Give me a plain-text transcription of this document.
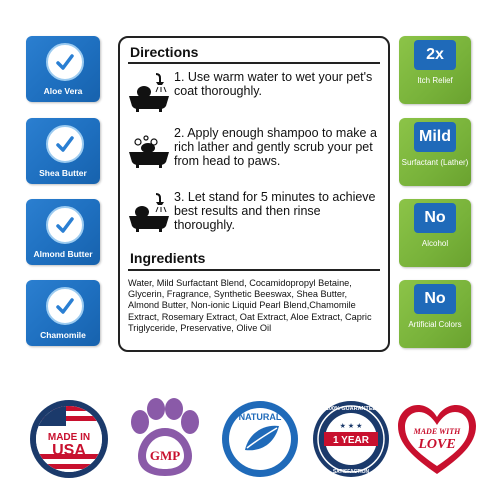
Aloe Vera
Shea Butter
Almond Butter
Chamomile
Directions
1. Use warm water to wet your pet's coat thoroughly.
2. Apply enough shampoo to make a rich lather and gently scrub your pet from head to paws.
3. Let stand for 5 minutes to achieve best results and then rinse thoroughly.
Ingredients
Water, Mild Surfactant Blend, Cocamidopropyl Betaine, Glycerin, Fragrance, Synthetic Beeswax, Shea Butter, Almond Butter, Non-ionic Liquid Pearl Blend,Chamomile Extract, Rosemary Extract, Oat Extract, Aloe Extract, Capric Triglyceride, Preservative, Olive Oil
2x
Itch Relief
Mild
Surfactant (Lather)
No
Alcohol
No
Artificial Colors
MADE IN
USA	GMP
NATURAL
1 YEAR
100% GUARANTEE
SATISFACTION
★ ★ ★
MADE WITH
LOVE
